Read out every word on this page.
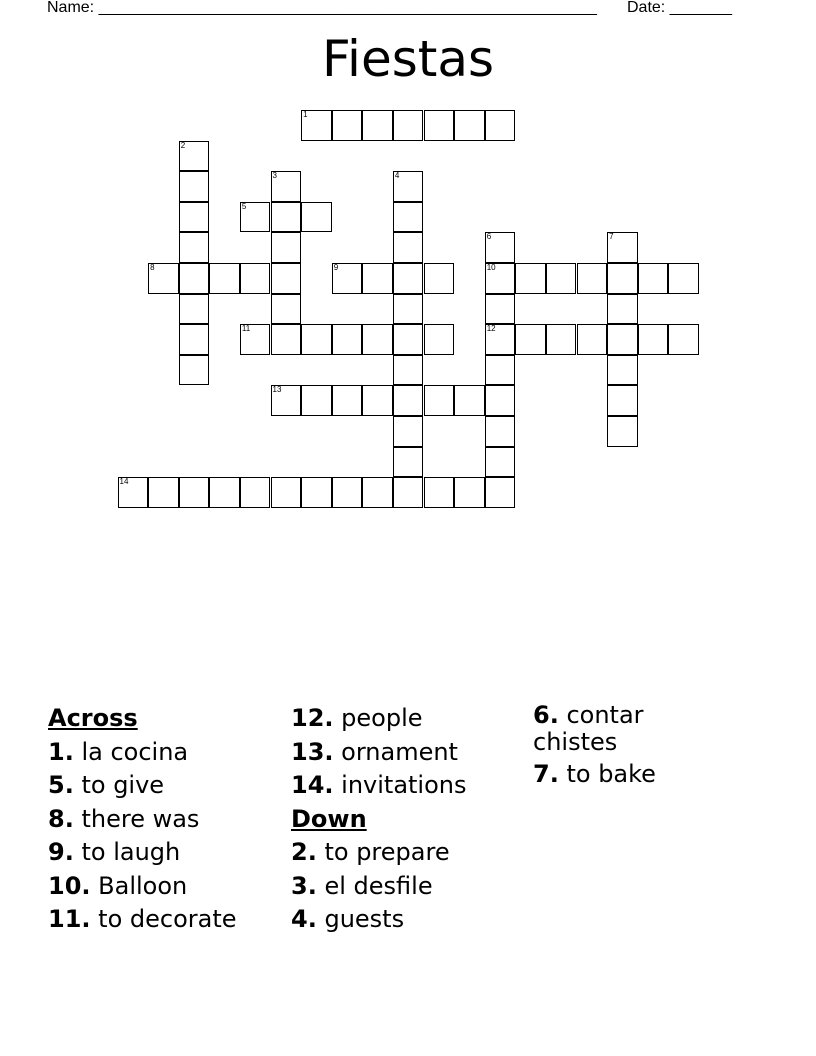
Name: ________________________________________________________ Date: _______
Fiestas
1
2
3	4
5
6
10
12
7
8	9
11
13
14
Across
1. la cocina
5. to give
8. there was
9. to laugh
10. Balloon
11. to decorate
12. people
13. ornament
14. invitations
Down
2. to prepare
3. el desfile
4. guests
6. contar chistes
7. to bake
